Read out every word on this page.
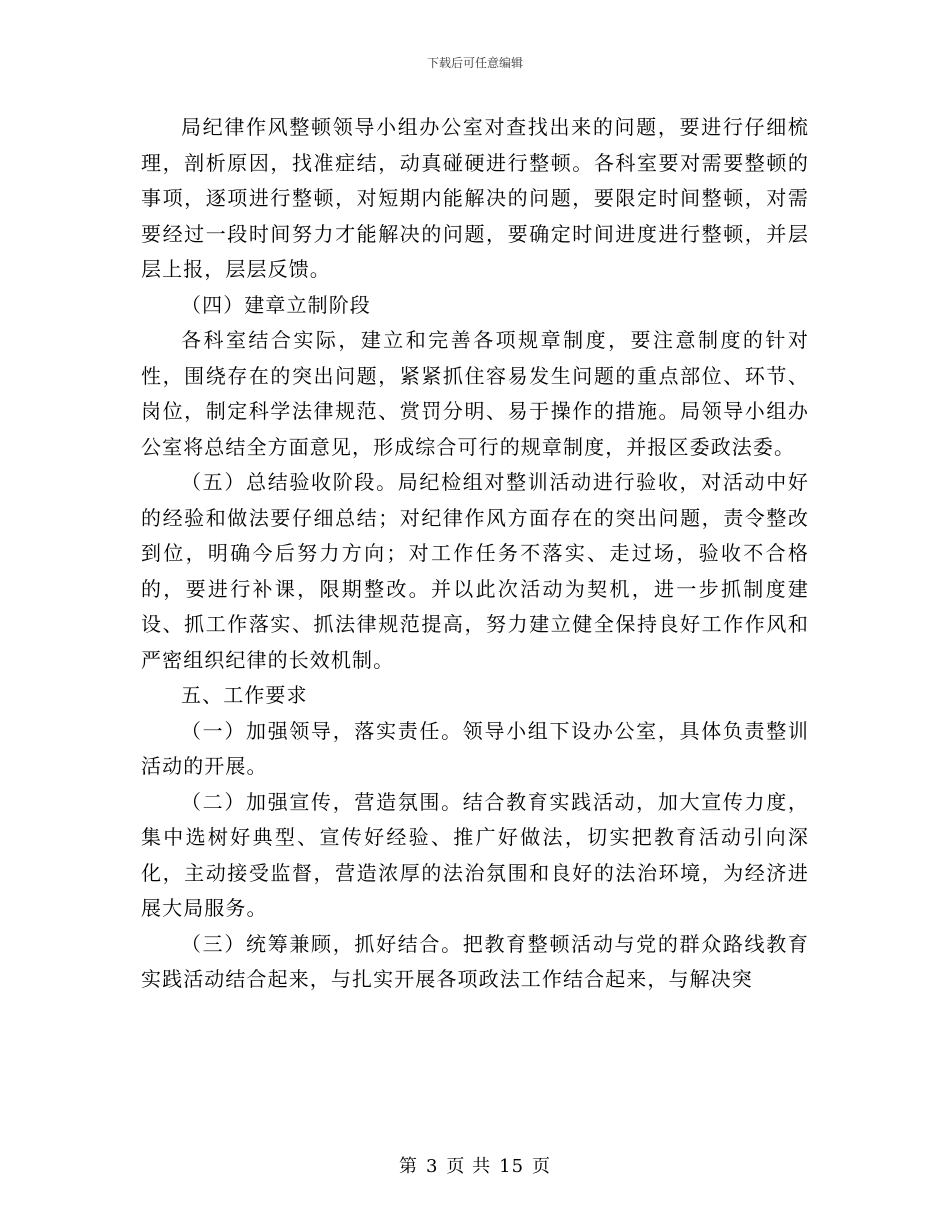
下载后可任意编辑

局纪律作风整顿领导小组办公室对查找出来的问题，要进行仔细梳理，剖析原因，找准症结，动真碰硬进行整顿。各科室要对需要整顿的事项，逐项进行整顿，对短期内能解决的问题，要限定时间整顿，对需要经过一段时间努力才能解决的问题，要确定时间进度进行整顿，并层层上报，层层反馈。

（四）建章立制阶段

各科室结合实际，建立和完善各项规章制度，要注意制度的针对性，围绕存在的突出问题，紧紧抓住容易发生问题的重点部位、环节、岗位，制定科学法律规范、赏罚分明、易于操作的措施。局领导小组办公室将总结全方面意见，形成综合可行的规章制度，并报区委政法委。

（五）总结验收阶段。局纪检组对整训活动进行验收，对活动中好的经验和做法要仔细总结；对纪律作风方面存在的突出问题，责令整改到位，明确今后努力方向；对工作任务不落实、走过场，验收不合格的，要进行补课，限期整改。并以此次活动为契机，进一步抓制度建设、抓工作落实、抓法律规范提高，努力建立健全保持良好工作作风和严密组织纪律的长效机制。

五、工作要求

（一）加强领导，落实责任。领导小组下设办公室，具体负责整训活动的开展。

（二）加强宣传，营造氛围。结合教育实践活动，加大宣传力度，集中选树好典型、宣传好经验、推广好做法，切实把教育活动引向深化，主动接受监督，营造浓厚的法治氛围和良好的法治环境，为经济进展大局服务。

（三）统筹兼顾，抓好结合。把教育整顿活动与党的群众路线教育实践活动结合起来，与扎实开展各项政法工作结合起来，与解决突

第 3 页 共 15 页
